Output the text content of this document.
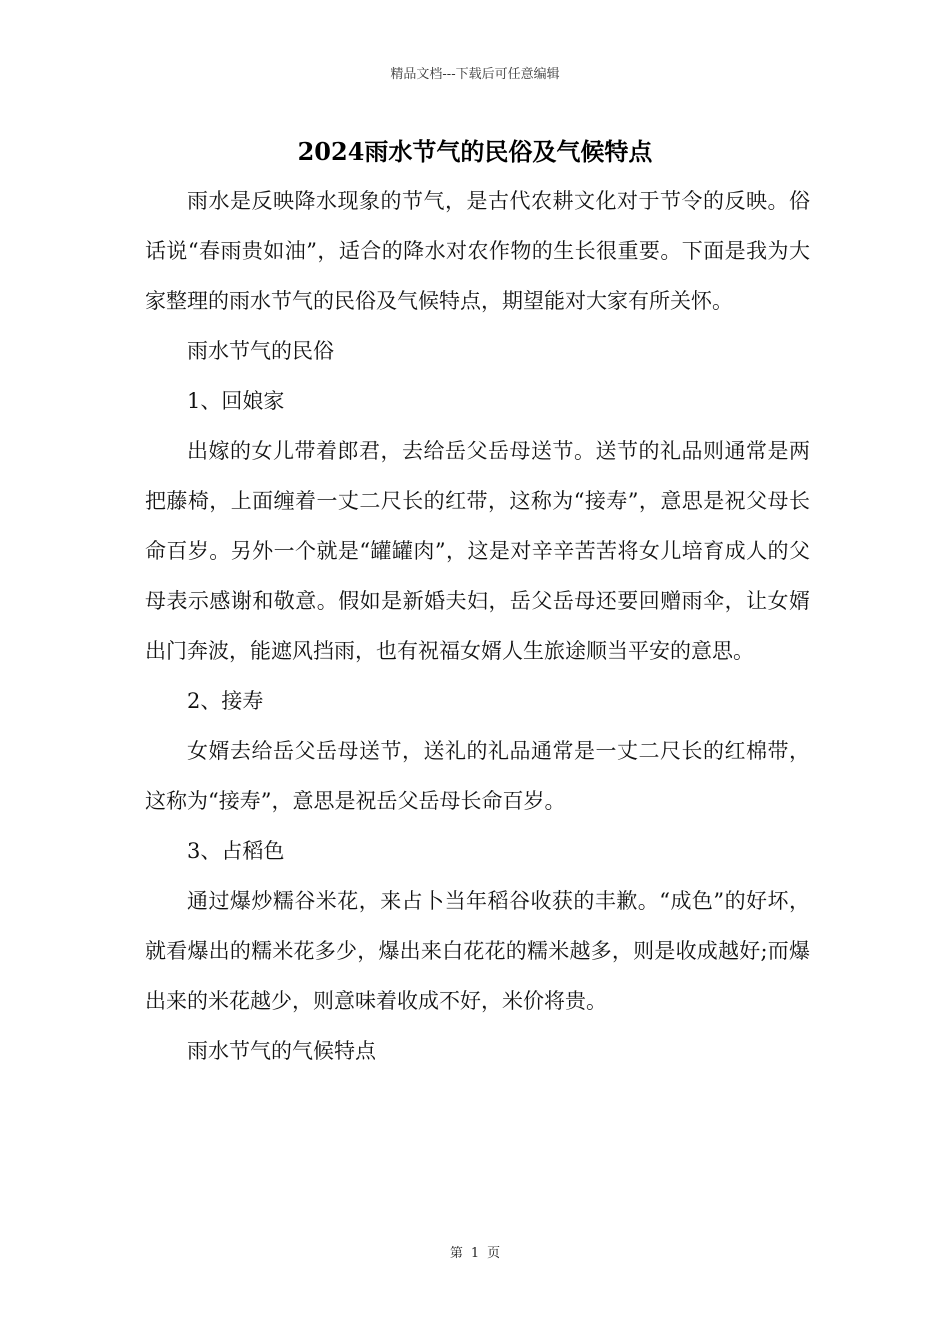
精品文档---下载后可任意编辑
2024雨水节气的民俗及气候特点

雨水是反映降水现象的节气，是古代农耕文化对于节令的反映。俗话说“春雨贵如油”，适合的降水对农作物的生长很重要。下面是我为大家整理的雨水节气的民俗及气候特点，期望能对大家有所关怀。

雨水节气的民俗

1、回娘家

出嫁的女儿带着郎君，去给岳父岳母送节。送节的礼品则通常是两把藤椅，上面缠着一丈二尺长的红带，这称为“接寿”，意思是祝父母长命百岁。另外一个就是“罐罐肉”，这是对辛辛苦苦将女儿培育成人的父母表示感谢和敬意。假如是新婚夫妇，岳父岳母还要回赠雨伞，让女婿出门奔波，能遮风挡雨，也有祝福女婿人生旅途顺当平安的意思。

2、接寿

女婿去给岳父岳母送节，送礼的礼品通常是一丈二尺长的红棉带，这称为“接寿”，意思是祝岳父岳母长命百岁。

3、占稻色

通过爆炒糯谷米花，来占卜当年稻谷收获的丰歉。“成色”的好坏，就看爆出的糯米花多少，爆出来白花花的糯米越多，则是收成越好;而爆出来的米花越少，则意味着收成不好，米价将贵。

雨水节气的气候特点

第 1 页
